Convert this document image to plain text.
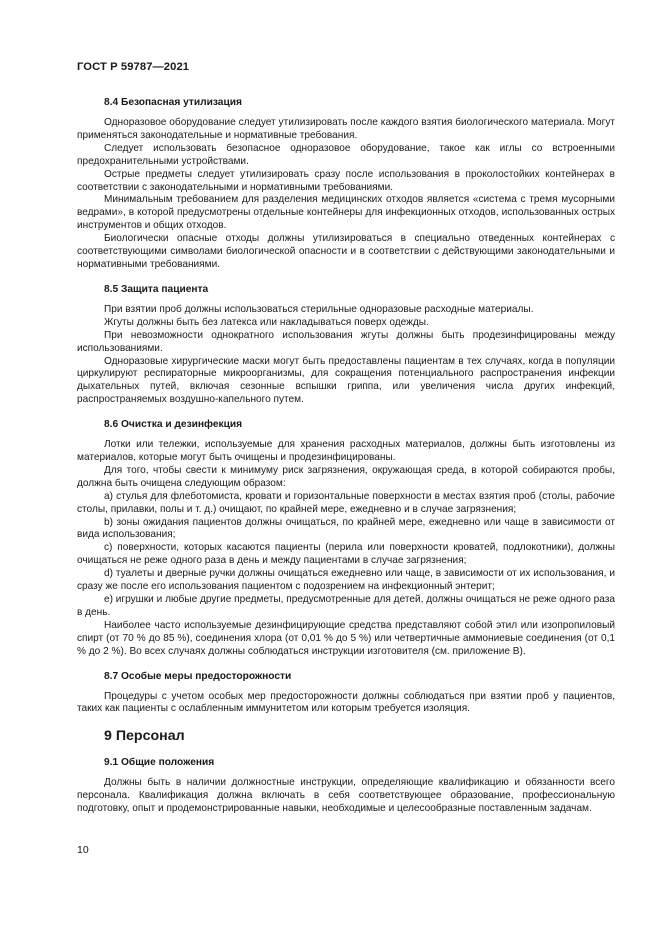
ГОСТ Р 59787—2021
8.4 Безопасная утилизация

Одноразовое оборудование следует утилизировать после каждого взятия биологического материала. Могут применяться законодательные и нормативные требования.

Следует использовать безопасное одноразовое оборудование, такое как иглы со встроенными предохранительными устройствами.

Острые предметы следует утилизировать сразу после использования в проколостойких контейнерах в соответствии с законодательными и нормативными требованиями.

Минимальным требованием для разделения медицинских отходов является «система с тремя мусорными ведрами», в которой предусмотрены отдельные контейнеры для инфекционных отходов, использованных острых инструментов и общих отходов.

Биологически опасные отходы должны утилизироваться в специально отведенных контейнерах с соответствующими символами биологической опасности и в соответствии с действующими законодательными и нормативными требованиями.

8.5 Защита пациента

При взятии проб должны использоваться стерильные одноразовые расходные материалы.

Жгуты должны быть без латекса или накладываться поверх одежды.

При невозможности однократного использования жгуты должны быть продезинфицированы между использованиями.

Одноразовые хирургические маски могут быть предоставлены пациентам в тех случаях, когда в популяции циркулируют респираторные микроорганизмы, для сокращения потенциального распространения инфекции дыхательных путей, включая сезонные вспышки гриппа, или увеличения числа других инфекций, распространяемых воздушно-капельного путем.

8.6 Очистка и дезинфекция

Лотки или тележки, используемые для хранения расходных материалов, должны быть изготовлены из материалов, которые могут быть очищены и продезинфицированы.

Для того, чтобы свести к минимуму риск загрязнения, окружающая среда, в которой собираются пробы, должна быть очищена следующим образом:

а) стулья для флеботомиста, кровати и горизонтальные поверхности в местах взятия проб (столы, рабочие столы, прилавки, полы и т. д.) очищают, по крайней мере, ежедневно и в случае загрязнения;

b) зоны ожидания пациентов должны очищаться, по крайней мере, ежедневно или чаще в зависимости от вида использования;

с) поверхности, которых касаются пациенты (перила или поверхности кроватей, подлокотники), должны очищаться не реже одного раза в день и между пациентами в случае загрязнения;

d) туалеты и дверные ручки должны очищаться ежедневно или чаще, в зависимости от их использования, и сразу же после его использования пациентом с подозрением на инфекционный энтерит;

е) игрушки и любые другие предметы, предусмотренные для детей, должны очищаться не реже одного раза в день.

Наиболее часто используемые дезинфицирующие средства представляют собой этил или изопропиловый спирт (от 70 % до 85 %), соединения хлора (от 0,01 % до 5 %) или четвертичные аммониевые соединения (от 0,1 % до 2 %). Во всех случаях должны соблюдаться инструкции изготовителя (см. приложение В).

8.7 Особые меры предосторожности

Процедуры с учетом особых мер предосторожности должны соблюдаться при взятии проб у пациентов, таких как пациенты с ослабленным иммунитетом или которым требуется изоляция.

9 Персонал
9.1 Общие положения

Должны быть в наличии должностные инструкции, определяющие квалификацию и обязанности всего персонала. Квалификация должна включать в себя соответствующее образование, профессиональную подготовку, опыт и продемонстрированные навыки, необходимые и целесообразные поставленным задачам.

10
